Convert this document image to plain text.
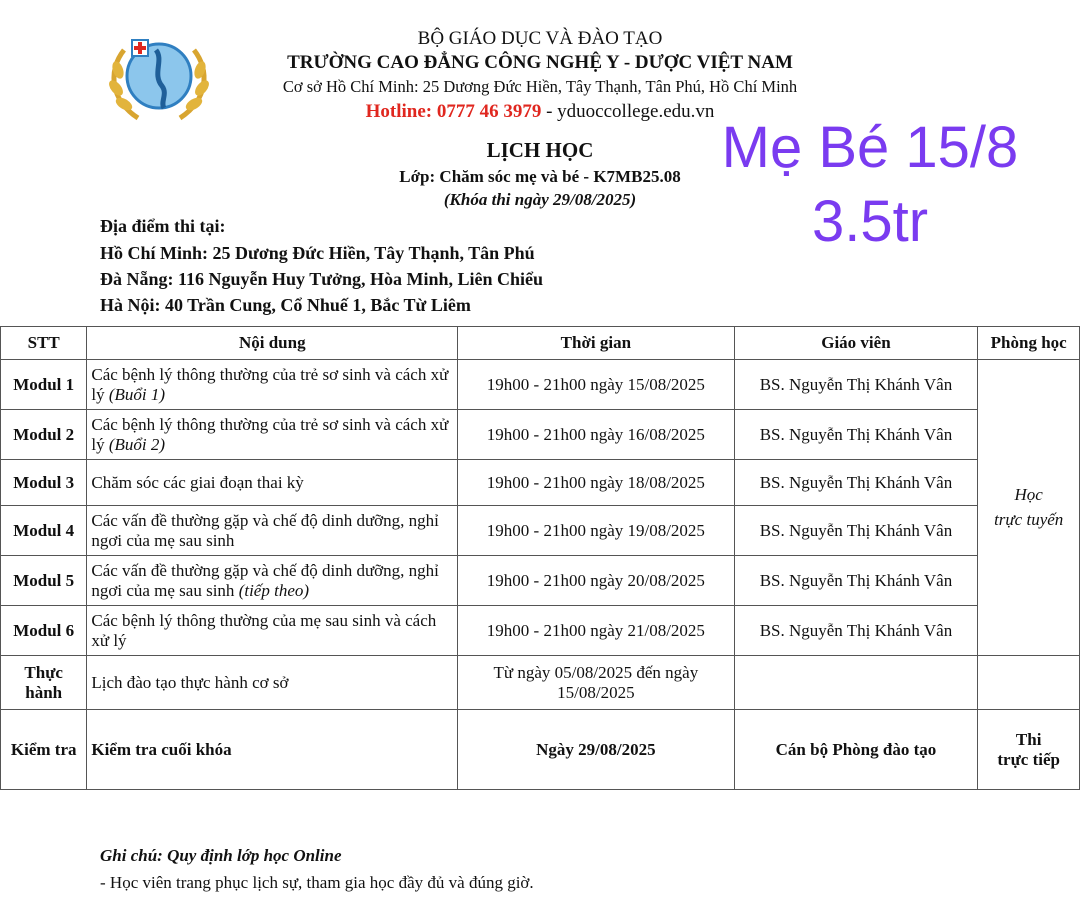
BỘ GIÁO DỤC VÀ ĐÀO TẠO
TRƯỜNG CAO ĐẲNG CÔNG NGHỆ Y - DƯỢC VIỆT NAM
Cơ sở Hồ Chí Minh: 25 Dương Đức Hiền, Tây Thạnh, Tân Phú, Hồ Chí Minh
Hotline: 0777 46 3979 - yduoccollege.edu.vn
LỊCH HỌC
Lớp: Chăm sóc mẹ và bé - K7MB25.08
(Khóa thi ngày 29/08/2025)
Mẹ Bé 15/8
3.5tr
Địa điểm thi tại:
Hồ Chí Minh: 25 Dương Đức Hiền, Tây Thạnh, Tân Phú
Đà Nẵng: 116 Nguyễn Huy Tưởng, Hòa Minh, Liên Chiểu
Hà Nội: 40 Trần Cung, Cổ Nhuế 1, Bắc Từ Liêm
STT	Nội dung	Thời gian	Giáo viên	Phòng học
Modul 1	Các bệnh lý thông thường của trẻ sơ sinh và cách xử lý (Buổi 1)	19h00 - 21h00 ngày 15/08/2025	BS. Nguyễn Thị Khánh Vân	Học
trực tuyến
Modul 2	Các bệnh lý thông thường của trẻ sơ sinh và cách xử lý (Buổi 2)	19h00 - 21h00 ngày 16/08/2025	BS. Nguyễn Thị Khánh Vân	
Modul 3	Chăm sóc các giai đoạn thai kỳ	19h00 - 21h00 ngày 18/08/2025	BS. Nguyễn Thị Khánh Vân	
Modul 4	Các vấn đề thường gặp và chế độ dinh dưỡng, nghỉ ngơi của mẹ sau sinh	19h00 - 21h00 ngày 19/08/2025	BS. Nguyễn Thị Khánh Vân	
Modul 5	Các vấn đề thường gặp và chế độ dinh dưỡng, nghỉ ngơi của mẹ sau sinh (tiếp theo)	19h00 - 21h00 ngày 20/08/2025	BS. Nguyễn Thị Khánh Vân	
Modul 6	Các bệnh lý thông thường của mẹ sau sinh và cách xử lý	19h00 - 21h00 ngày 21/08/2025	BS. Nguyễn Thị Khánh Vân	
Thực hành	Lịch đào tạo thực hành cơ sở	Từ ngày 05/08/2025 đến ngày 15/08/2025		
Kiểm tra	Kiểm tra cuối khóa	Ngày 29/08/2025	Cán bộ Phòng đào tạo	Thi
trực tiếp
Ghi chú: Quy định lớp học Online
- Học viên trang phục lịch sự, tham gia học đầy đủ và đúng giờ.
